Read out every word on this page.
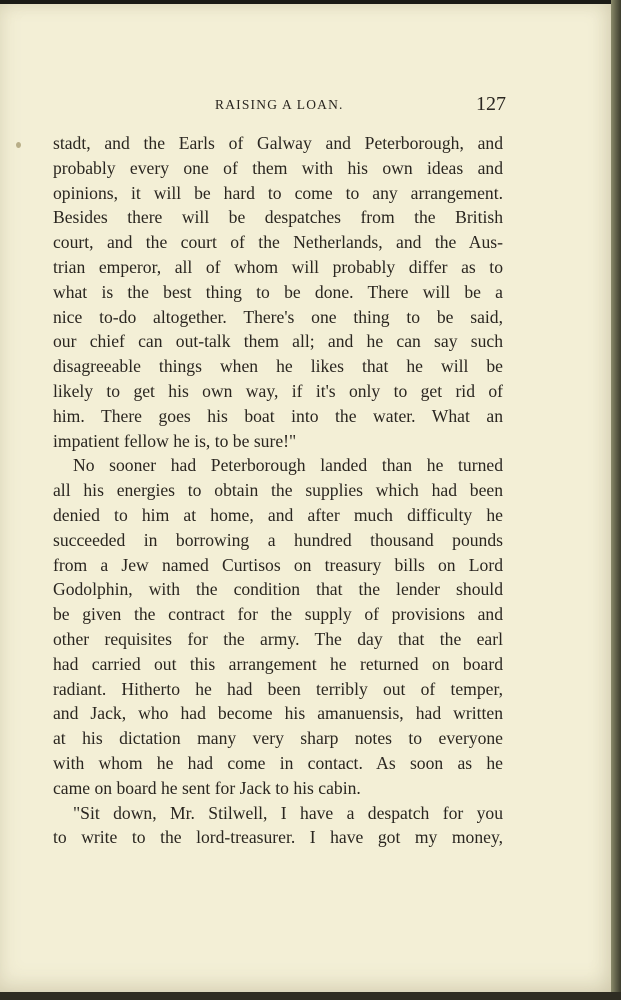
RAISING A LOAN.	127
stadt, and the Earls of Galway and Peterborough, and
probably every one of them with his own ideas and
opinions, it will be hard to come to any arrangement.
Besides there will be despatches from the British
court, and the court of the Netherlands, and the Aus-
trian emperor, all of whom will probably differ as to
what is the best thing to be done. There will be a
nice to-do altogether. There's one thing to be said,
our chief can out-talk them all; and he can say such
disagreeable things when he likes that he will be
likely to get his own way, if it's only to get rid of
him. There goes his boat into the water. What an
impatient fellow he is, to be sure!"
No sooner had Peterborough landed than he turned
all his energies to obtain the supplies which had been
denied to him at home, and after much difficulty he
succeeded in borrowing a hundred thousand pounds
from a Jew named Curtisos on treasury bills on Lord
Godolphin, with the condition that the lender should
be given the contract for the supply of provisions and
other requisites for the army. The day that the earl
had carried out this arrangement he returned on board
radiant. Hitherto he had been terribly out of temper,
and Jack, who had become his amanuensis, had written
at his dictation many very sharp notes to everyone
with whom he had come in contact. As soon as he
came on board he sent for Jack to his cabin.
"Sit down, Mr. Stilwell, I have a despatch for you
to write to the lord-treasurer. I have got my money,
